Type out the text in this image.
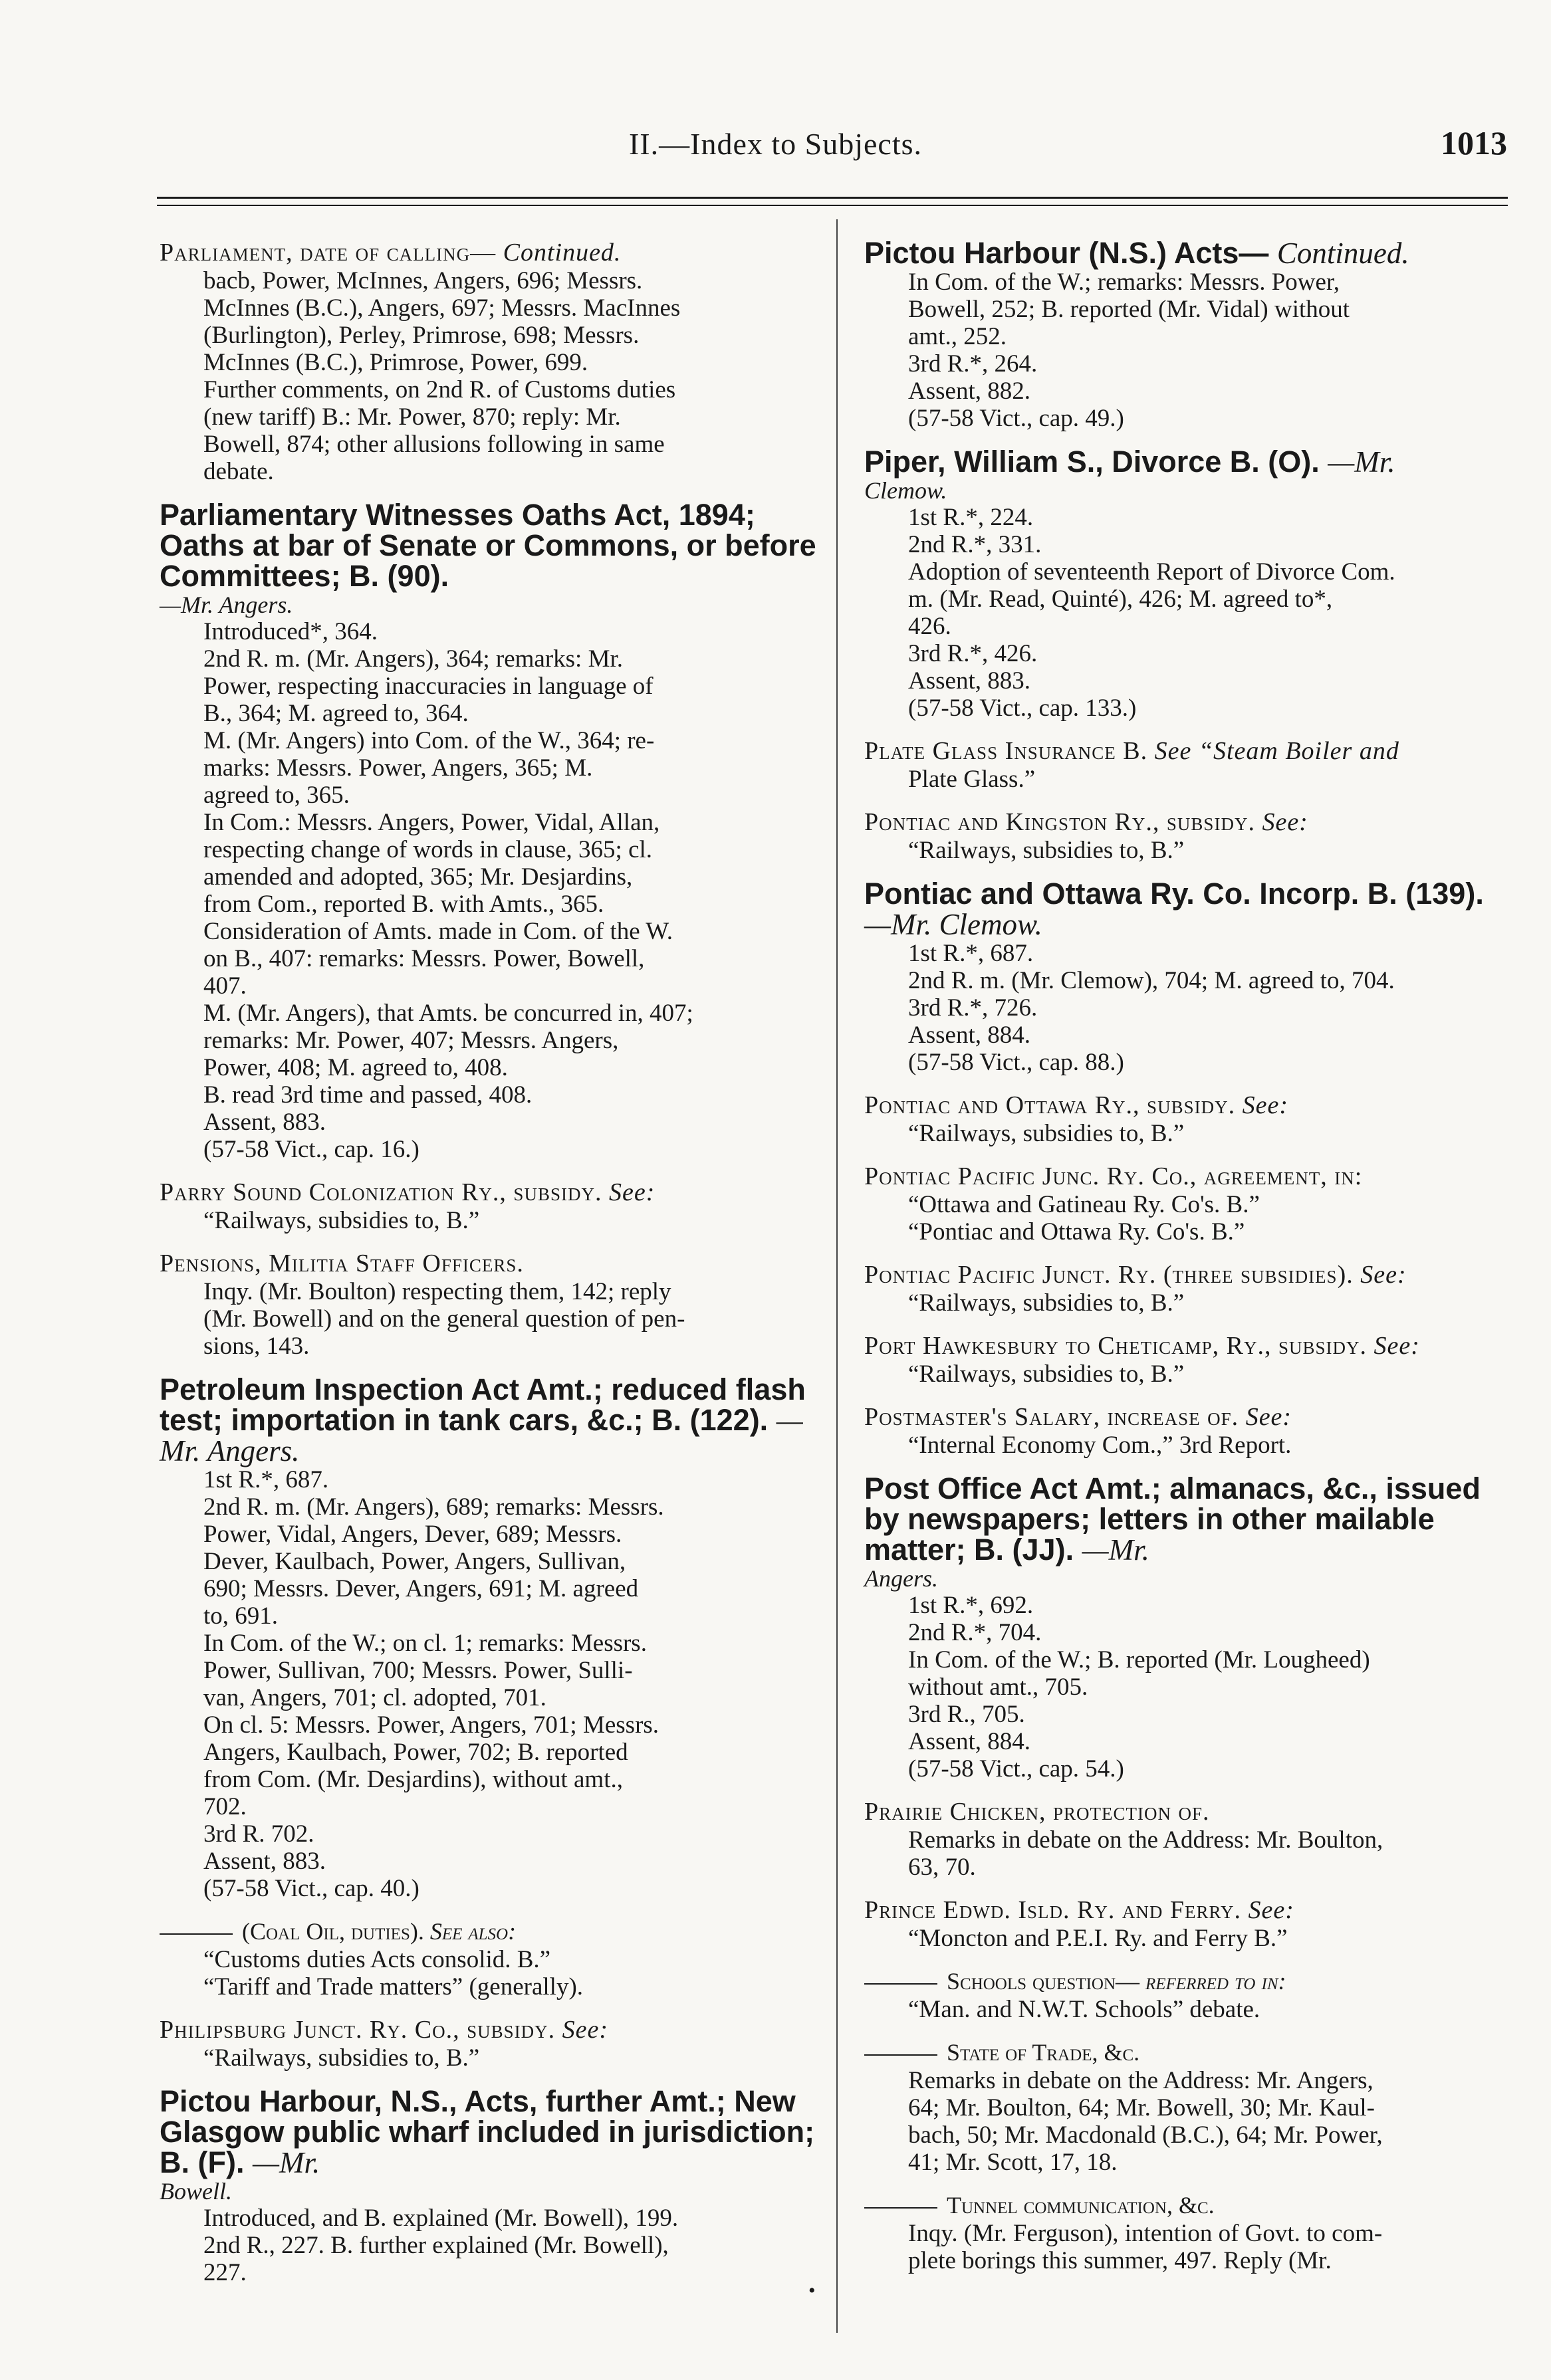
II.—Index to Subjects.	1013

Parliament, date of calling— Continued.

bacb, Power, McInnes, Angers, 696; Messrs.

McInnes (B.C.), Angers, 697; Messrs. MacInnes

(Burlington), Perley, Primrose, 698; Messrs.

McInnes (B.C.), Primrose, Power, 699.

Further comments, on 2nd R. of Customs duties

(new tariff) B.: Mr. Power, 870; reply: Mr.

Bowell, 874; other allusions following in same

debate.

Parliamentary Witnesses Oaths Act, 1894; Oaths at bar of Senate or Commons, or before Committees; B. (90).

—Mr. Angers.

Introduced*, 364.

2nd R. m. (Mr. Angers), 364; remarks: Mr.

Power, respecting inaccuracies in language of

B., 364; M. agreed to, 364.

M. (Mr. Angers) into Com. of the W., 364; re-

marks: Messrs. Power, Angers, 365; M.

agreed to, 365.

In Com.: Messrs. Angers, Power, Vidal, Allan,

respecting change of words in clause, 365; cl.

amended and adopted, 365; Mr. Desjardins,

from Com., reported B. with Amts., 365.

Consideration of Amts. made in Com. of the W.

on B., 407: remarks: Messrs. Power, Bowell,

407.

M. (Mr. Angers), that Amts. be concurred in, 407;

remarks: Mr. Power, 407; Messrs. Angers,

Power, 408; M. agreed to, 408.

B. read 3rd time and passed, 408.

Assent, 883.

(57-58 Vict., cap. 16.)

Parry Sound Colonization Ry., subsidy. See:

“Railways, subsidies to, B.”

Pensions, Militia Staff Officers.

Inqy. (Mr. Boulton) respecting them, 142; reply

(Mr. Bowell) and on the general question of pen-

sions, 143.

Petroleum Inspection Act Amt.; reduced flash test; importation in tank cars, &c.; B. (122). —Mr. Angers.

1st R.*, 687.

2nd R. m. (Mr. Angers), 689; remarks: Messrs.

Power, Vidal, Angers, Dever, 689; Messrs.

Dever, Kaulbach, Power, Angers, Sullivan,

690; Messrs. Dever, Angers, 691; M. agreed

to, 691.

In Com. of the W.; on cl. 1; remarks: Messrs.

Power, Sullivan, 700; Messrs. Power, Sulli-

van, Angers, 701; cl. adopted, 701.

On cl. 5: Messrs. Power, Angers, 701; Messrs.

Angers, Kaulbach, Power, 702; B. reported

from Com. (Mr. Desjardins), without amt.,

702.

3rd R. 702.

Assent, 883.

(57-58 Vict., cap. 40.)

(Coal Oil, duties). See also:

“Customs duties Acts consolid. B.”

“Tariff and Trade matters” (generally).

Philipsburg Junct. Ry. Co., subsidy. See:

“Railways, subsidies to, B.”

Pictou Harbour, N.S., Acts, further Amt.; New Glasgow public wharf included in jurisdiction; B. (F). —Mr.

Bowell.

Introduced, and B. explained (Mr. Bowell), 199.

2nd R., 227. B. further explained (Mr. Bowell),

227.

Pictou Harbour (N.S.) Acts— Continued.

In Com. of the W.; remarks: Messrs. Power,

Bowell, 252; B. reported (Mr. Vidal) without

amt., 252.

3rd R.*, 264.

Assent, 882.

(57-58 Vict., cap. 49.)

Piper, William S., Divorce B. (O). —Mr.

Clemow.

1st R.*, 224.

2nd R.*, 331.

Adoption of seventeenth Report of Divorce Com.

m. (Mr. Read, Quinté), 426; M. agreed to*,

426.

3rd R.*, 426.

Assent, 883.

(57-58 Vict., cap. 133.)

Plate Glass Insurance B. See “Steam Boiler and

Plate Glass.”

Pontiac and Kingston Ry., subsidy. See:

“Railways, subsidies to, B.”

Pontiac and Ottawa Ry. Co. Incorp. B. (139). —Mr. Clemow.

1st R.*, 687.

2nd R. m. (Mr. Clemow), 704; M. agreed to, 704.

3rd R.*, 726.

Assent, 884.

(57-58 Vict., cap. 88.)

Pontiac and Ottawa Ry., subsidy. See:

“Railways, subsidies to, B.”

Pontiac Pacific Junc. Ry. Co., agreement, in:

“Ottawa and Gatineau Ry. Co's. B.”

“Pontiac and Ottawa Ry. Co's. B.”

Pontiac Pacific Junct. Ry. (three subsidies). See:

“Railways, subsidies to, B.”

Port Hawkesbury to Cheticamp, Ry., subsidy. See:

“Railways, subsidies to, B.”

Postmaster's Salary, increase of. See:

“Internal Economy Com.,” 3rd Report.

Post Office Act Amt.; almanacs, &c., issued by newspapers; letters in other mailable matter; B. (JJ). —Mr.

Angers.

1st R.*, 692.

2nd R.*, 704.

In Com. of the W.; B. reported (Mr. Lougheed)

without amt., 705.

3rd R., 705.

Assent, 884.

(57-58 Vict., cap. 54.)

Prairie Chicken, protection of.

Remarks in debate on the Address: Mr. Boulton,

63, 70.

Prince Edwd. Isld. Ry. and Ferry. See:

“Moncton and P.E.I. Ry. and Ferry B.”

Schools question— referred to in:

“Man. and N.W.T. Schools” debate.

State of Trade, &c.

Remarks in debate on the Address: Mr. Angers,

64; Mr. Boulton, 64; Mr. Bowell, 30; Mr. Kaul-

bach, 50; Mr. Macdonald (B.C.), 64; Mr. Power,

41; Mr. Scott, 17, 18.

Tunnel communication, &c.

Inqy. (Mr. Ferguson), intention of Govt. to com-

plete borings this summer, 497. Reply (Mr.

•
